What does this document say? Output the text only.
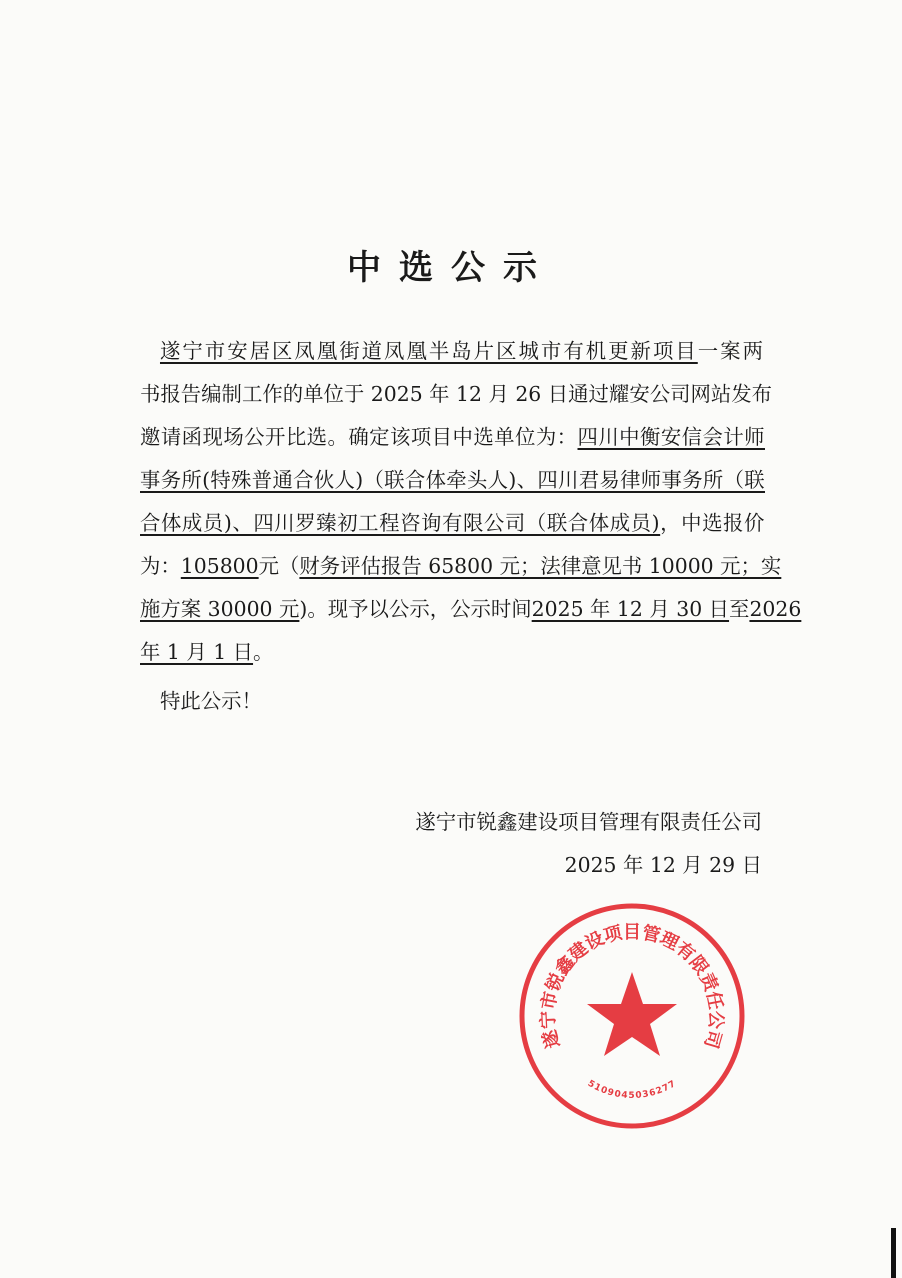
中选公示
遂宁市安居区凤凰街道凤凰半岛片区城市有机更新项目 一案两
书报告编制工作的单位于 2025 年 12 月 26 日通过耀安公司网站发布
邀请函现场公开比选。确定该项目中选单位为： 四川中衡安信会计师
事务所(特殊普通合伙人)（联合体牵头人)、四川君易律师事务所（联
合体成员)、四川罗臻初工程咨询有限公司（联合体成员) ，中选报价
为： 105800 元（ 财务评估报告 65800 元；法律意见书 10000 元；实
施方案 30000 元 )。现予以公示，公示时间 2025 年 12 月 30 日 至 2026
年 1 月 1 日 。
特此公示！
遂宁市锐鑫建设项目管理有限责任公司
2025 年 12 月 29 日
遂宁市锐鑫建设项目管理有限责任公司
5109045036277
